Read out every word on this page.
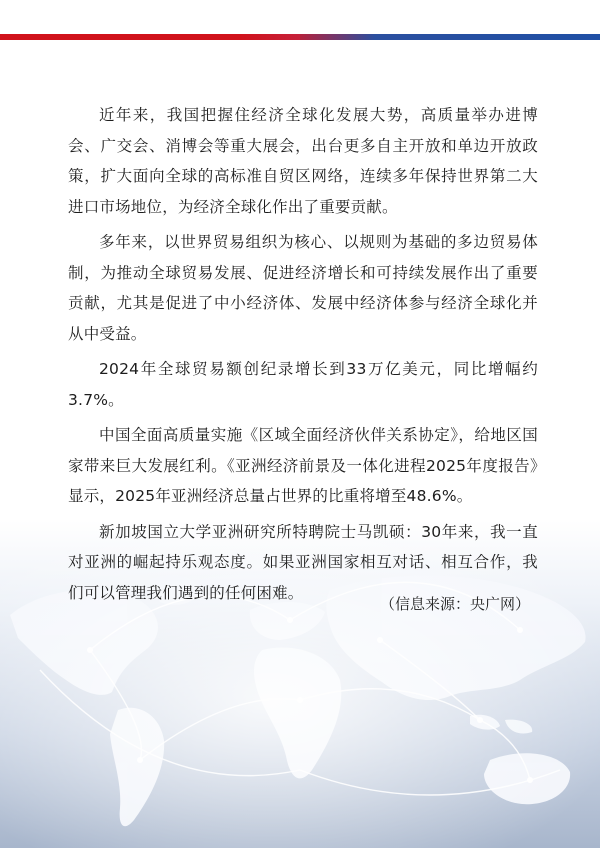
近年来，我国把握住经济全球化发展大势，高质量举办进博会、广交会、消博会等重大展会，出台更多自主开放和单边开放政策，扩大面向全球的高标准自贸区网络，连续多年保持世界第二大进口市场地位，为经济全球化作出了重要贡献。

多年来，以世界贸易组织为核心、以规则为基础的多边贸易体制，为推动全球贸易发展、促进经济增长和可持续发展作出了重要贡献，尤其是促进了中小经济体、发展中经济体参与经济全球化并从中受益。

2024年全球贸易额创纪录增长到33万亿美元，同比增幅约3.7%。

中国全面高质量实施《区域全面经济伙伴关系协定》，给地区国家带来巨大发展红利。《亚洲经济前景及一体化进程2025年度报告》显示，2025年亚洲经济总量占世界的比重将增至48.6%。

新加坡国立大学亚洲研究所特聘院士马凯硕：30年来，我一直对亚洲的崛起持乐观态度。如果亚洲国家相互对话、相互合作，我们可以管理我们遇到的任何困难。

（信息来源：央广网）
